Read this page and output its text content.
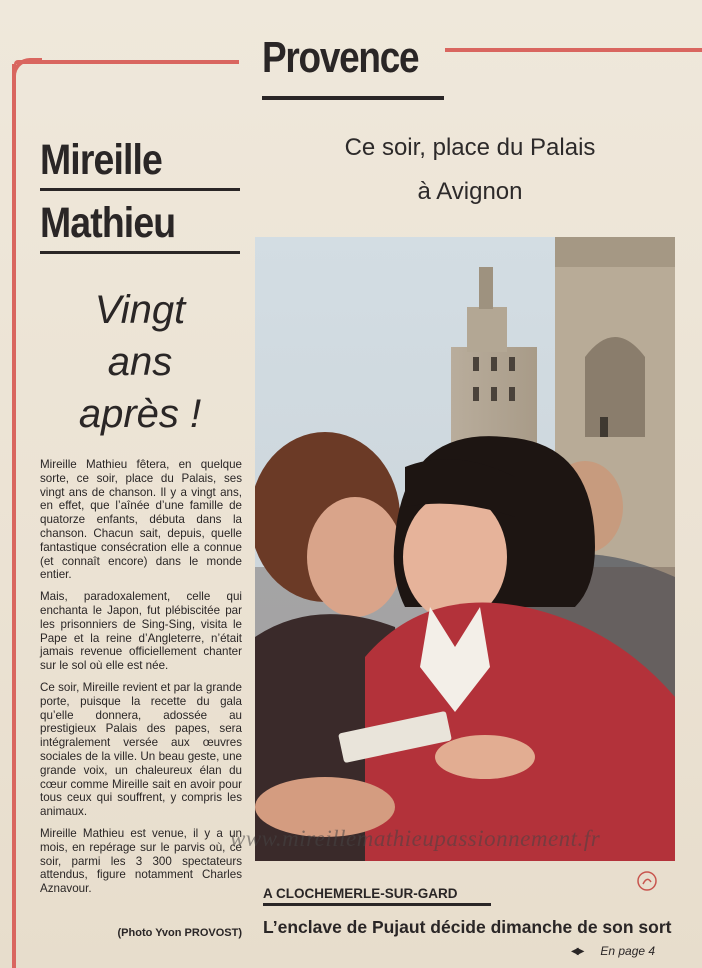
Provence
Ce soir, place du Palais
à Avignon
Mireille
Mathieu
Vingt
ans
après !

Mireille Mathieu fêtera, en quelque sorte, ce soir, place du Palais, ses vingt ans de chanson. Il y a vingt ans, en effet, que l’aînée d’une famille de quatorze enfants, débuta dans la chanson. Chacun sait, depuis, quelle fantastique consécration elle a connue (et connaît encore) dans le monde entier.

Mais, paradoxalement, celle qui enchanta le Japon, fut plébiscitée par les prisonniers de Sing-Sing, visita le Pape et la reine d’Angleterre, n’était jamais revenue officiellement chanter sur le sol où elle est née.

Ce soir, Mireille revient et par la grande porte, puisque la recette du gala qu’elle donnera, adossée au prestigieux Palais des papes, sera intégralement versée aux œuvres sociales de la ville. Un beau geste, une grande voix, un chaleureux élan du cœur comme Mireille sait en avoir pour tous ceux qui souffrent, y compris les animaux.

Mireille Mathieu est venue, il y a un mois, en repérage sur le parvis où, ce soir, parmi les 3 300 spectateurs attendus, figure notamment Charles Aznavour.

(Photo Yvon PROVOST)
www.mireillemathieupassionnement.fr
A CLOCHEMERLE-SUR-GARD
L’enclave de Pujaut décide dimanche de son sort
◀▶ En page 4
